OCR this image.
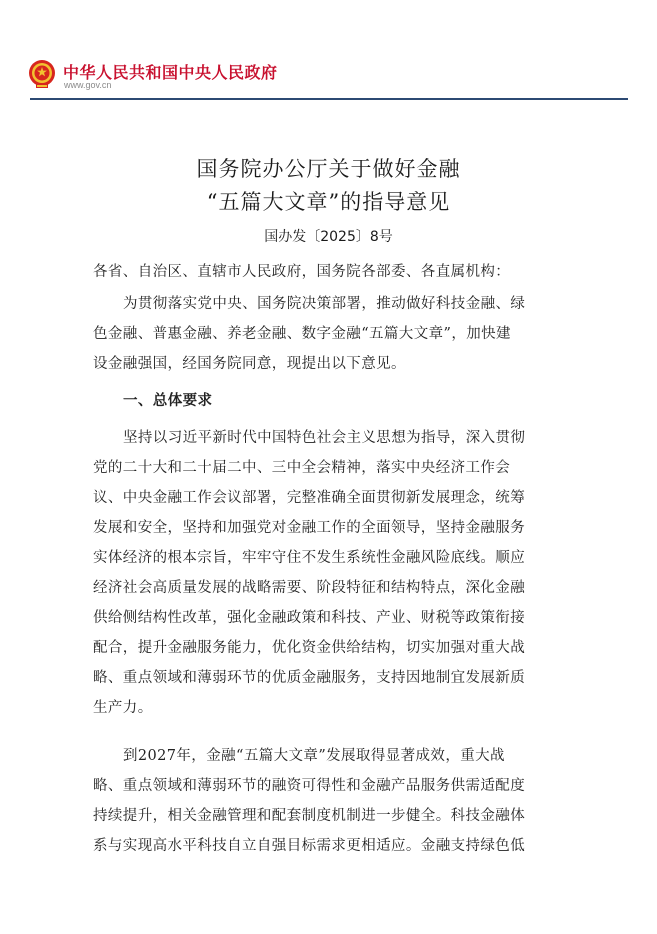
中华人民共和国中央人民政府
www.gov.cn
国务院办公厅关于做好金融
“五篇大文章”的指导意见
国办发〔2025〕8号
各省、自治区、直辖市人民政府，国务院各部委、各直属机构：
为贯彻落实党中央、国务院决策部署，推动做好科技金融、绿
色金融、普惠金融、养老金融、数字金融“五篇大文章”，加快建
设金融强国，经国务院同意，现提出以下意见。
一、总体要求
坚持以习近平新时代中国特色社会主义思想为指导，深入贯彻
党的二十大和二十届二中、三中全会精神，落实中央经济工作会
议、中央金融工作会议部署，完整准确全面贯彻新发展理念，统筹
发展和安全，坚持和加强党对金融工作的全面领导，坚持金融服务
实体经济的根本宗旨，牢牢守住不发生系统性金融风险底线。顺应
经济社会高质量发展的战略需要、阶段特征和结构特点，深化金融
供给侧结构性改革，强化金融政策和科技、产业、财税等政策衔接
配合，提升金融服务能力，优化资金供给结构，切实加强对重大战
略、重点领域和薄弱环节的优质金融服务，支持因地制宜发展新质
生产力。
到2027年，金融“五篇大文章”发展取得显著成效，重大战
略、重点领域和薄弱环节的融资可得性和金融产品服务供需适配度
持续提升，相关金融管理和配套制度机制进一步健全。科技金融体
系与实现高水平科技自立自强目标需求更相适应。金融支持绿色低
